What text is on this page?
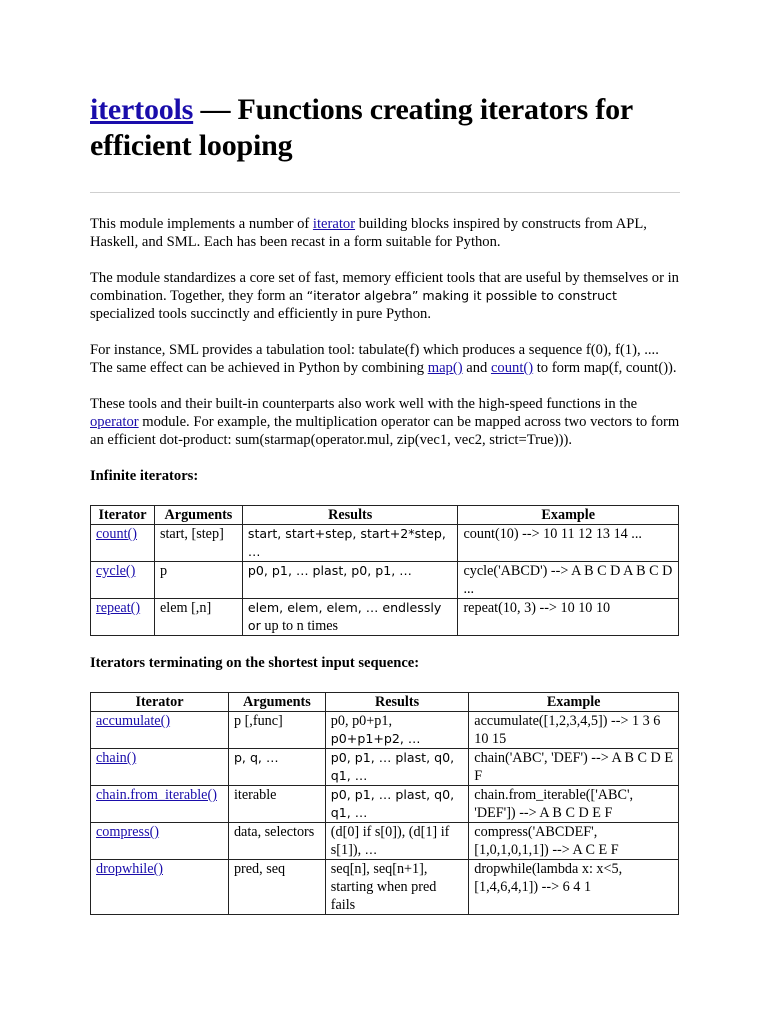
itertools — Functions creating iterators for efficient looping

This module implements a number of iterator building blocks inspired by constructs from APL, Haskell, and SML. Each has been recast in a form suitable for Python.

The module standardizes a core set of fast, memory efficient tools that are useful by themselves or in combination. Together, they form an “iterator algebra” making it possible to construct specialized tools succinctly and efficiently in pure Python.

For instance, SML provides a tabulation tool: tabulate(f) which produces a sequence f(0), f(1), .... The same effect can be achieved in Python by combining map() and count() to form map(f, count()).

These tools and their built-in counterparts also work well with the high-speed functions in the operator module. For example, the multiplication operator can be mapped across two vectors to form an efficient dot-product: sum(starmap(operator.mul, zip(vec1, vec2, strict=True))).

Infinite iterators:
Iterator	Arguments	Results	Example
count()	start, [step]	start, start+step, start+2*step, …	count(10) --> 10 11 12 13 14 ...
cycle()	p	p0, p1, … plast, p0, p1, …	cycle('ABCD') --> A B C D A B C D ...
repeat()	elem [,n]	elem, elem, elem, … endlessly or up to n times	repeat(10, 3) --> 10 10 10
Iterators terminating on the shortest input sequence:
Iterator	Arguments	Results	Example
accumulate()	p [,func]	p0, p0+p1, p0+p1+p2, …	accumulate([1,2,3,4,5]) --> 1 3 6 10 15
chain()	p, q, …	p0, p1, … plast, q0, q1, …	chain('ABC', 'DEF') --> A B C D E F
chain.from_iterable()	iterable	p0, p1, … plast, q0, q1, …	chain.from_iterable(['ABC', 'DEF']) --> A B C D E F
compress()	data, selectors	(d[0] if s[0]), (d[1] if s[1]), …	compress('ABCDEF', [1,0,1,0,1,1]) --> A C E F
dropwhile()	pred, seq	seq[n], seq[n+1], starting when pred fails	dropwhile(lambda x: x<5, [1,4,6,4,1]) --> 6 4 1
